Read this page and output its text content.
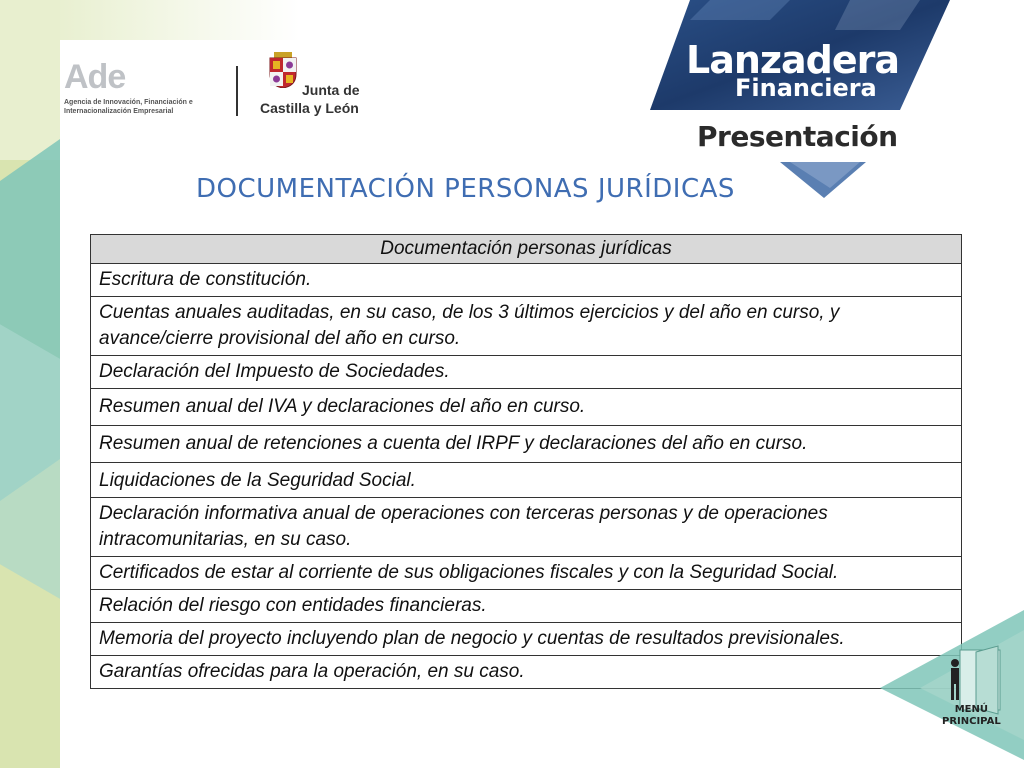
Ade
Agencia de Innovación, Financiación e Internacionalización Empresarial
Junta de
Castilla y León
Lanzadera
Financiera
Presentación
DOCUMENTACIÓN PERSONAS JURÍDICAS
Documentación personas jurídicas
Escritura de constitución.
Cuentas anuales auditadas, en su caso, de los 3 últimos ejercicios y del año en curso, y avance/cierre provisional del año en curso.
Declaración del Impuesto de Sociedades.
Resumen anual del IVA y declaraciones del año en curso.
Resumen anual de retenciones a cuenta del IRPF y declaraciones del año en curso.
Liquidaciones de la Seguridad Social.
Declaración informativa anual de operaciones con terceras personas y de operaciones intracomunitarias, en su caso.
Certificados de estar al corriente de sus obligaciones fiscales y con la Seguridad Social.
Relación del riesgo con entidades financieras.
Memoria del proyecto incluyendo plan de negocio y cuentas de resultados previsionales.
Garantías ofrecidas para la operación, en su caso.
MENÚ
PRINCIPAL
